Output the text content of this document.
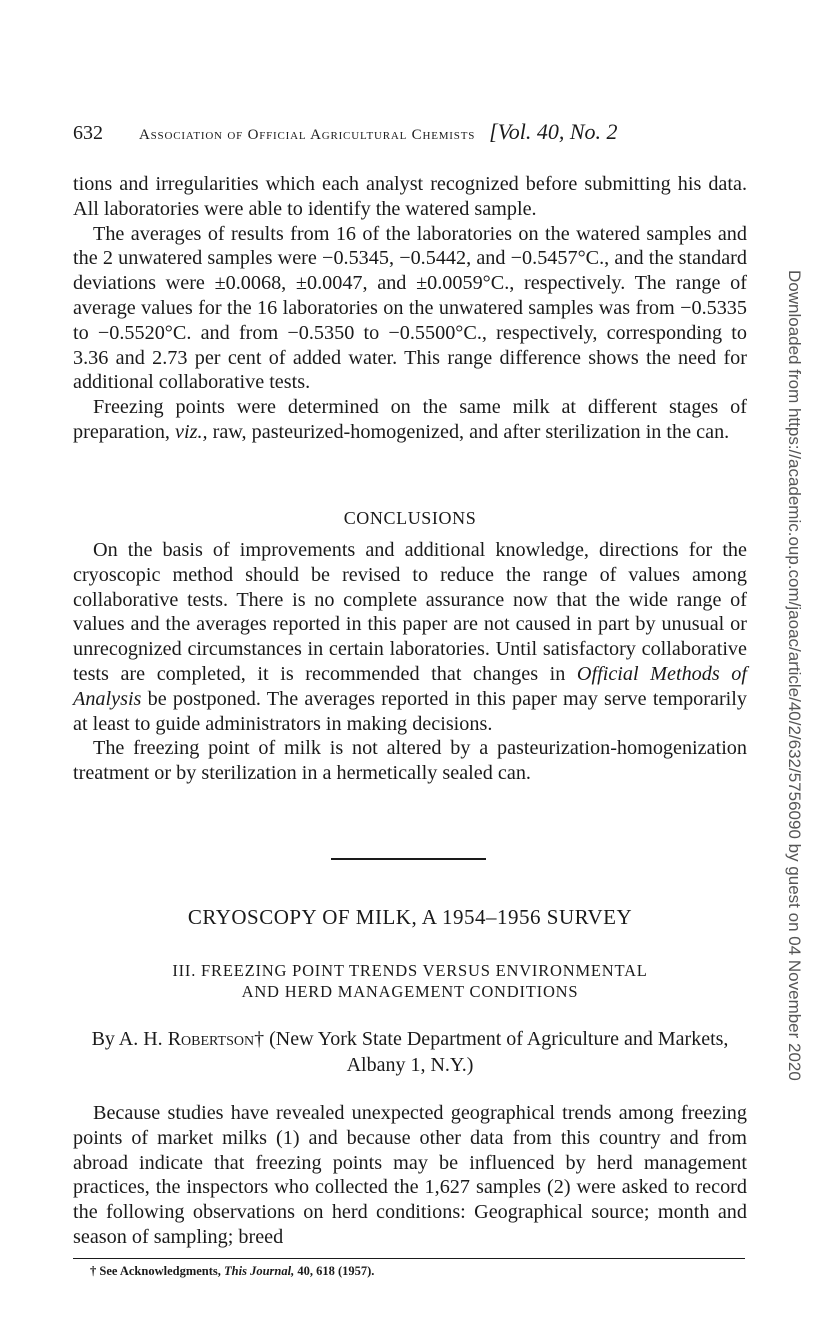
632 Association of Official Agricultural Chemists [Vol. 40, No. 2

tions and irregularities which each analyst recognized before submitting his data. All laboratories were able to identify the watered sample.

The averages of results from 16 of the laboratories on the watered samples and the 2 unwatered samples were −0.5345, −0.5442, and −0.5457°C., and the standard deviations were ±0.0068, ±0.0047, and ±0.0059°C., respectively. The range of average values for the 16 laboratories on the unwatered samples was from −0.5335 to −0.5520°C. and from −0.5350 to −0.5500°C., respectively, corresponding to 3.36 and 2.73 per cent of added water. This range difference shows the need for additional collaborative tests.

Freezing points were determined on the same milk at different stages of preparation, viz., raw, pasteurized-homogenized, and after sterilization in the can.

CONCLUSIONS

On the basis of improvements and additional knowledge, directions for the cryoscopic method should be revised to reduce the range of values among collaborative tests. There is no complete assurance now that the wide range of values and the averages reported in this paper are not caused in part by unusual or unrecognized circumstances in certain laboratories. Until satisfactory collaborative tests are completed, it is recommended that changes in Official Methods of Analysis be postponed. The averages reported in this paper may serve temporarily at least to guide administrators in making decisions.

The freezing point of milk is not altered by a pasteurization-homogenization treatment or by sterilization in a hermetically sealed can.

CRYOSCOPY OF MILK, A 1954–1956 SURVEY
III. FREEZING POINT TRENDS VERSUS ENVIRONMENTAL
AND HERD MANAGEMENT CONDITIONS
By A. H. Robertson† (New York State Department of Agriculture and Markets, Albany 1, N.Y.)

Because studies have revealed unexpected geographical trends among freezing points of market milks (1) and because other data from this country and from abroad indicate that freezing points may be influenced by herd management practices, the inspectors who collected the 1,627 samples (2) were asked to record the following observations on herd conditions: Geographical source; month and season of sampling; breed

† See Acknowledgments, This Journal, 40, 618 (1957).
Downloaded from https://academic.oup.com/jaoac/article/40/2/632/5756090 by guest on 04 November 2020
